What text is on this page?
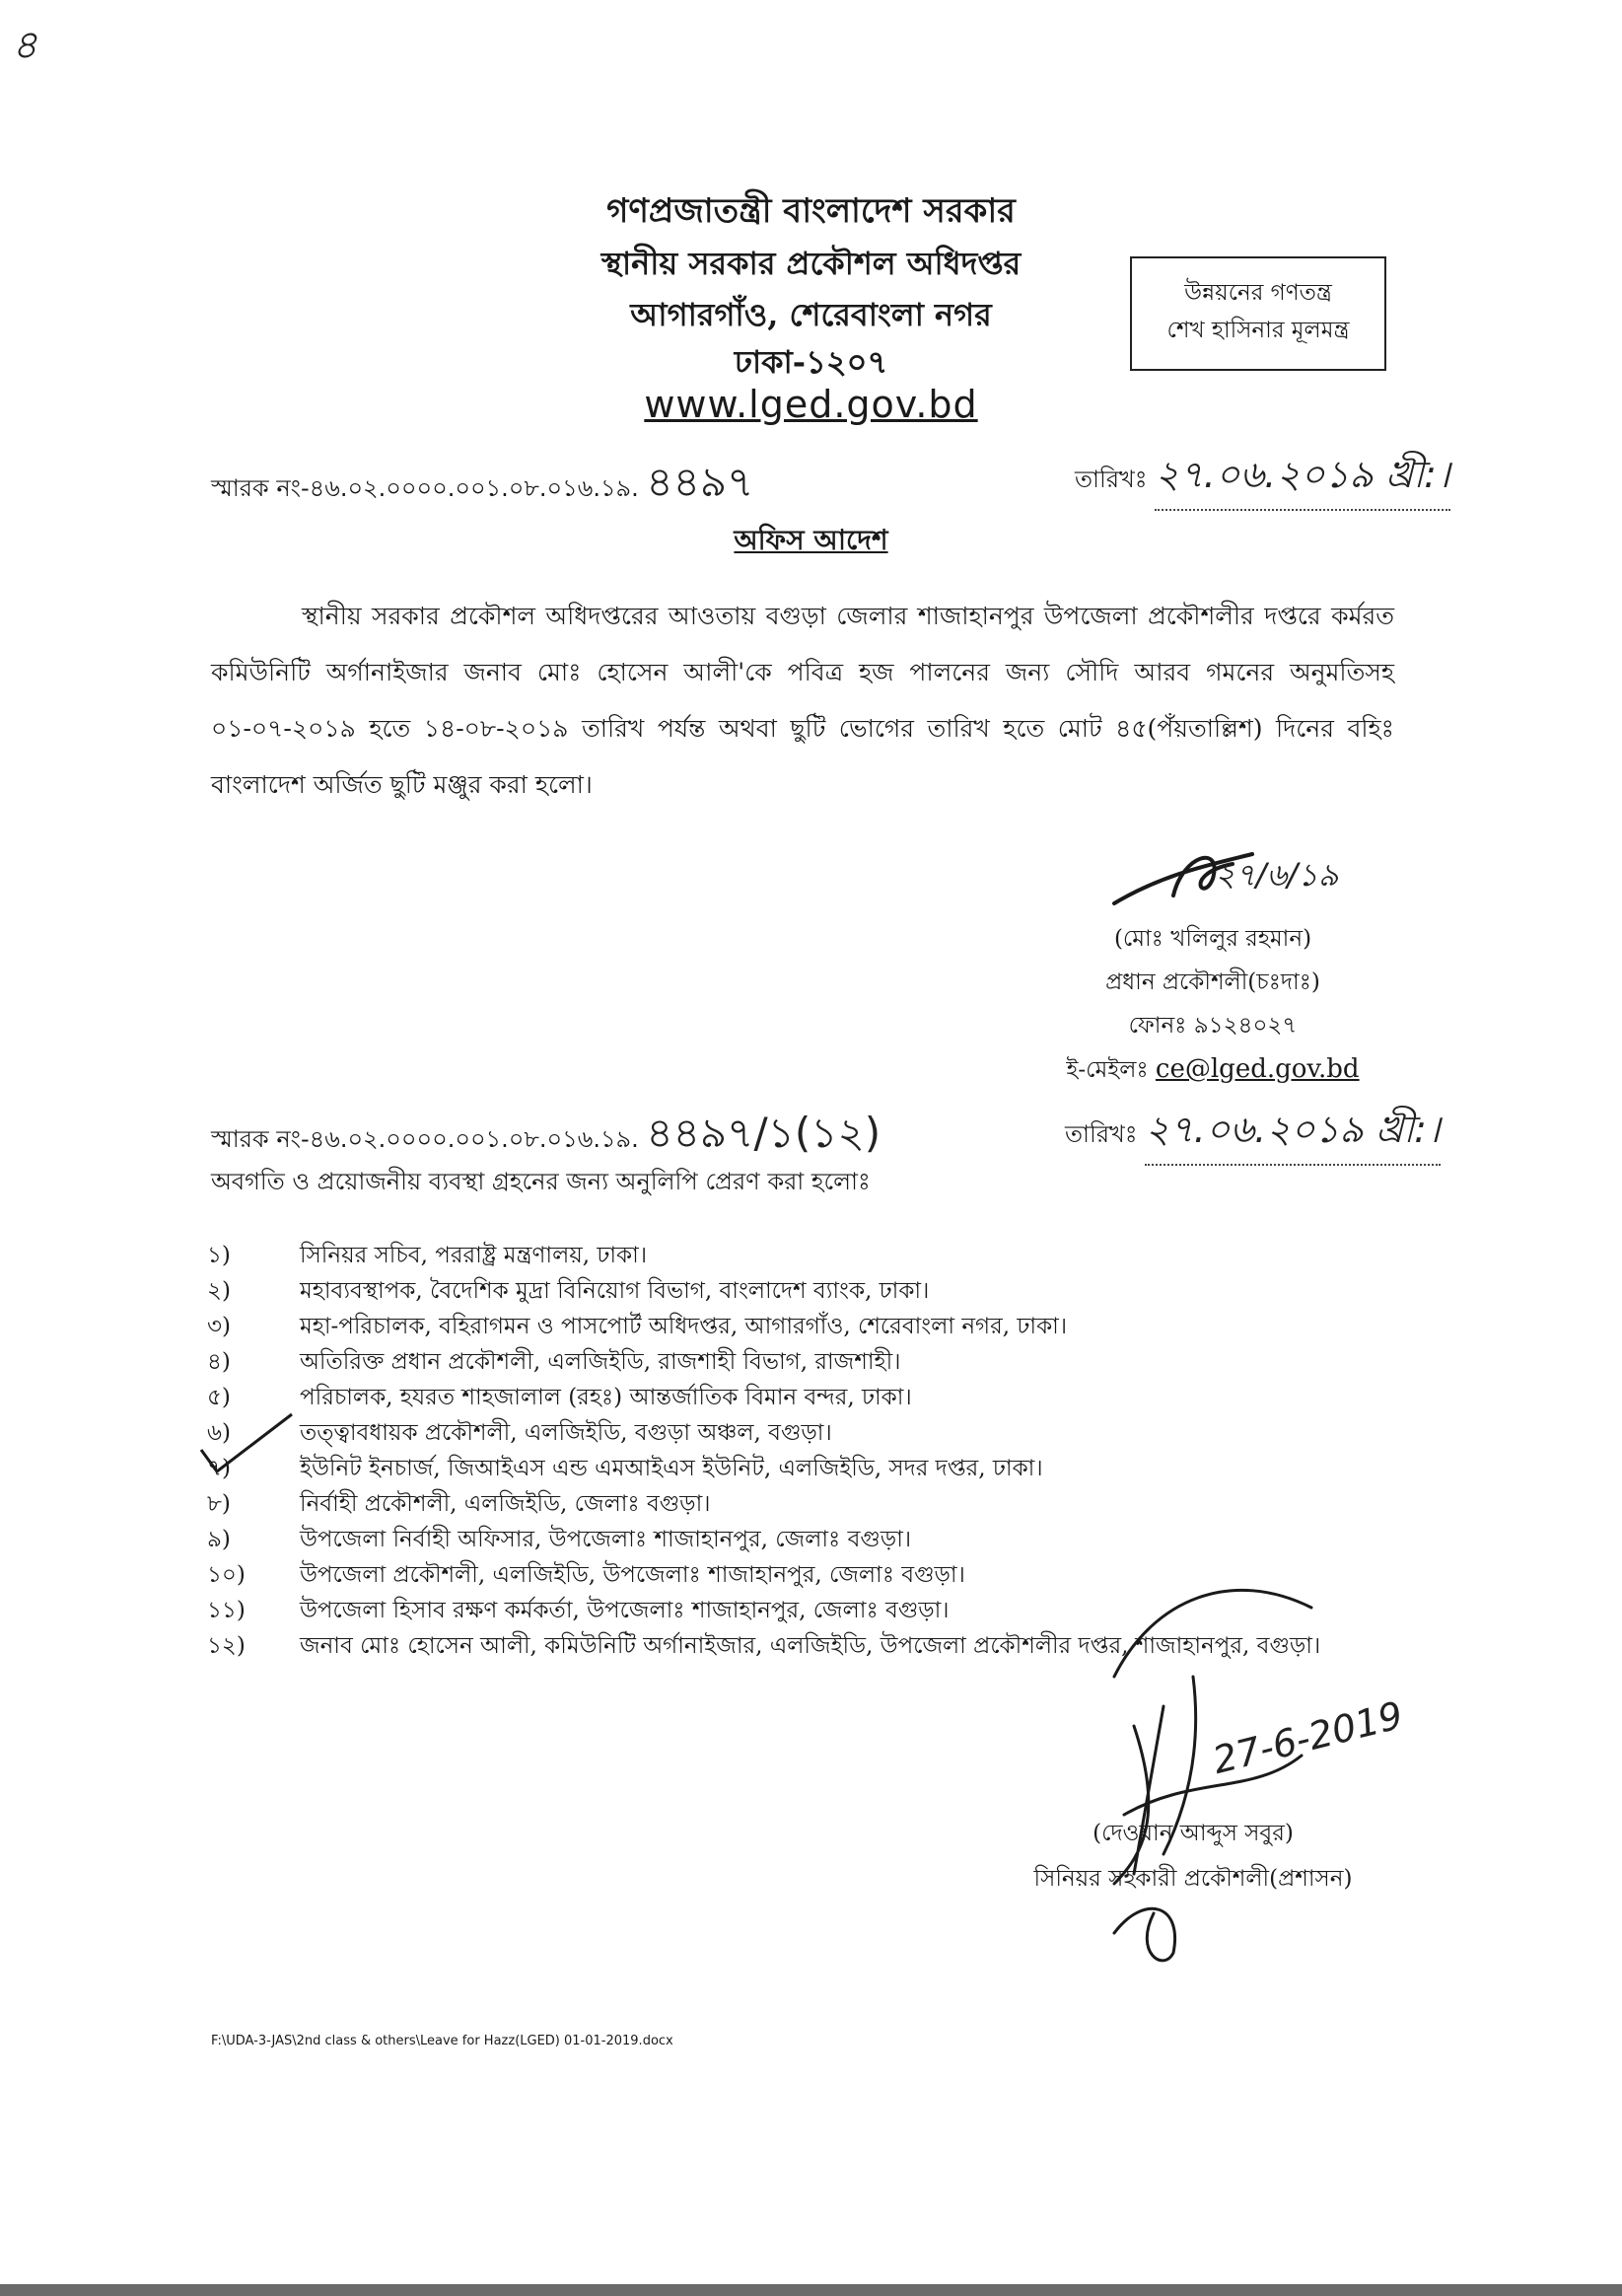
৪
গণপ্রজাতন্ত্রী বাংলাদেশ সরকার
স্থানীয় সরকার প্রকৌশল অধিদপ্তর
আগারগাঁও, শেরেবাংলা নগর
ঢাকা-১২০৭
www.lged.gov.bd
উন্নয়নের গণতন্ত্র
শেখ হাসিনার মূলমন্ত্র
স্মারক নং-৪৬.০২.০০০০.০০১.০৮.০১৬.১৯. ৪৪৯৭	তারিখঃ ২৭.০৬.২০১৯ খ্রী:।
অফিস আদেশ
স্থানীয় সরকার প্রকৌশল অধিদপ্তরের আওতায় বগুড়া জেলার শাজাহানপুর উপজেলা প্রকৌশলীর দপ্তরে কর্মরত কমিউনিটি অর্গানাইজার জনাব মোঃ হোসেন আলী'কে পবিত্র হজ পালনের জন্য সৌদি আরব গমনের অনুমতিসহ ০১-০৭-২০১৯ হতে ১৪-০৮-২০১৯ তারিখ পর্যন্ত অথবা ছুটি ভোগের তারিখ হতে মোট ৪৫(পঁয়তাল্লিশ) দিনের বহিঃ বাংলাদেশ অর্জিত ছুটি মঞ্জুর করা হলো।
২৭/৬/১৯
(মোঃ খলিলুর রহমান)
প্রধান প্রকৌশলী(চঃদাঃ)
ফোনঃ ৯১২৪০২৭
ই-মেইলঃ ce@lged.gov.bd
স্মারক নং-৪৬.০২.০০০০.০০১.০৮.০১৬.১৯. ৪৪৯৭/১(১২)	তারিখঃ ২৭.০৬.২০১৯ খ্রী:।
অবগতি ও প্রয়োজনীয় ব্যবস্থা গ্রহনের জন্য অনুলিপি প্রেরণ করা হলোঃ
১)	সিনিয়র সচিব, পররাষ্ট্র মন্ত্রণালয়, ঢাকা।
২)	মহাব্যবস্থাপক, বৈদেশিক মুদ্রা বিনিয়োগ বিভাগ, বাংলাদেশ ব্যাংক, ঢাকা।
৩)	মহা-পরিচালক, বহিরাগমন ও পাসপোর্ট অধিদপ্তর, আগারগাঁও, শেরেবাংলা নগর, ঢাকা।
৪)	অতিরিক্ত প্রধান প্রকৌশলী, এলজিইডি, রাজশাহী বিভাগ, রাজশাহী।
৫)	পরিচালক, হযরত শাহজালাল (রহঃ) আন্তর্জাতিক বিমান বন্দর, ঢাকা।
৬)	তত্ত্বাবধায়ক প্রকৌশলী, এলজিইডি, বগুড়া অঞ্চল, বগুড়া।
৭)	ইউনিট ইনচার্জ, জিআইএস এন্ড এমআইএস ইউনিট, এলজিইডি, সদর দপ্তর, ঢাকা।
৮)	নির্বাহী প্রকৌশলী, এলজিইডি, জেলাঃ বগুড়া।
৯)	উপজেলা নির্বাহী অফিসার, উপজেলাঃ শাজাহানপুর, জেলাঃ বগুড়া।
১০) উপজেলা প্রকৌশলী, এলজিইডি, উপজেলাঃ শাজাহানপুর, জেলাঃ বগুড়া।
১১) উপজেলা হিসাব রক্ষণ কর্মকর্তা, উপজেলাঃ শাজাহানপুর, জেলাঃ বগুড়া।
১২) জনাব মোঃ হোসেন আলী, কমিউনিটি অর্গানাইজার, এলজিইডি, উপজেলা প্রকৌশলীর দপ্তর, শাজাহানপুর, বগুড়া।
27-6-2019
(দেওয়ান আব্দুস সবুর)
সিনিয়র সহকারী প্রকৌশলী(প্রশাসন)
F:\UDA-3-JAS\2nd class & others\Leave for Hazz(LGED) 01-01-2019.docx
